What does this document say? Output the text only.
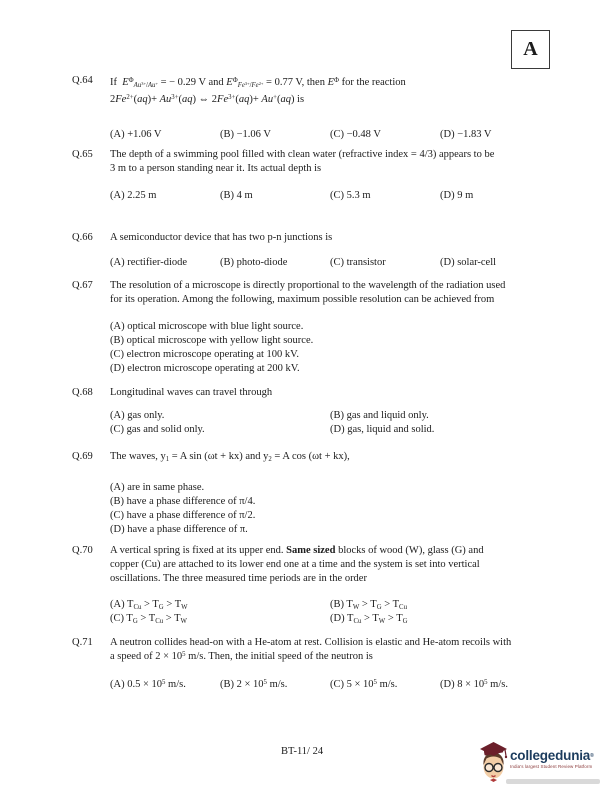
A
Q.64 If  $E^\Phi_{Au^{3+}/Au^+}$ = − 0.29 V and $E^\Phi_{Fe^{3+}/Fe^{2+}} = 0.77$ V, then $E^\Phi$ for the reaction
$2Fe^{2+}(aq)+ Au^{3+}(aq)$ ⇔ $2Fe^{3+}(aq)+ Au^+(aq)$ is
(A) +1.06 V	(B) −1.06 V	(C) −0.48 V	(D) −1.83 V
Q.65 The depth of a swimming pool filled with clean water (refractive index = 4/3) appears to be
3 m to a person standing near it. Its actual depth is
(A) 2.25 m	(B) 4 m	(C) 5.3 m	(D) 9 m
Q.66 A semiconductor device that has two p-n junctions is
(A) rectifier-diode	(B) photo-diode	(C) transistor	(D) solar-cell
Q.67 The resolution of a microscope is directly proportional to the wavelength of the radiation used
for its operation. Among the following, maximum possible resolution can be achieved from
(A) optical microscope with blue light source.
(B) optical microscope with yellow light source.
(C) electron microscope operating at 100 kV.
(D) electron microscope operating at 200 kV.
Q.68 Longitudinal waves can travel through
(A) gas only.	(B) gas and liquid only.
(C) gas and solid only.	(D) gas, liquid and solid.
Q.69 The waves, $y_1 = A$ sin (ωt + kx) and $y_2 = A$ cos (ωt + kx),
(A) are in same phase.
(B) have a phase difference of π/4.
(C) have a phase difference of π/2.
(D) have a phase difference of π.
Q.70 A vertical spring is fixed at its upper end. Same sized blocks of wood (W), glass (G) and
copper (Cu) are attached to its lower end one at a time and the system is set into vertical
oscillations. The three measured time periods are in the order
(A) $T_{Cu} > T_G > T_W$	(B) $T_W > T_G > T_{Cu}$
(C) $T_G > T_{Cu} > T_W$	(D) $T_{Cu} > T_W > T_G$
Q.71 A neutron collides head-on with a He-atom at rest. Collision is elastic and He-atom recoils with
a speed of $2 \times 10^5$ m/s. Then, the initial speed of the neutron is
(A) $0.5 \times 10^5$ m/s.	(B) $2 \times 10^5$ m/s.	(C) $5 \times 10^5$ m/s.	(D) $8 \times 10^5$ m/s.
BT-11/ 24	collegedunia®
India's largest Student Review Platform
